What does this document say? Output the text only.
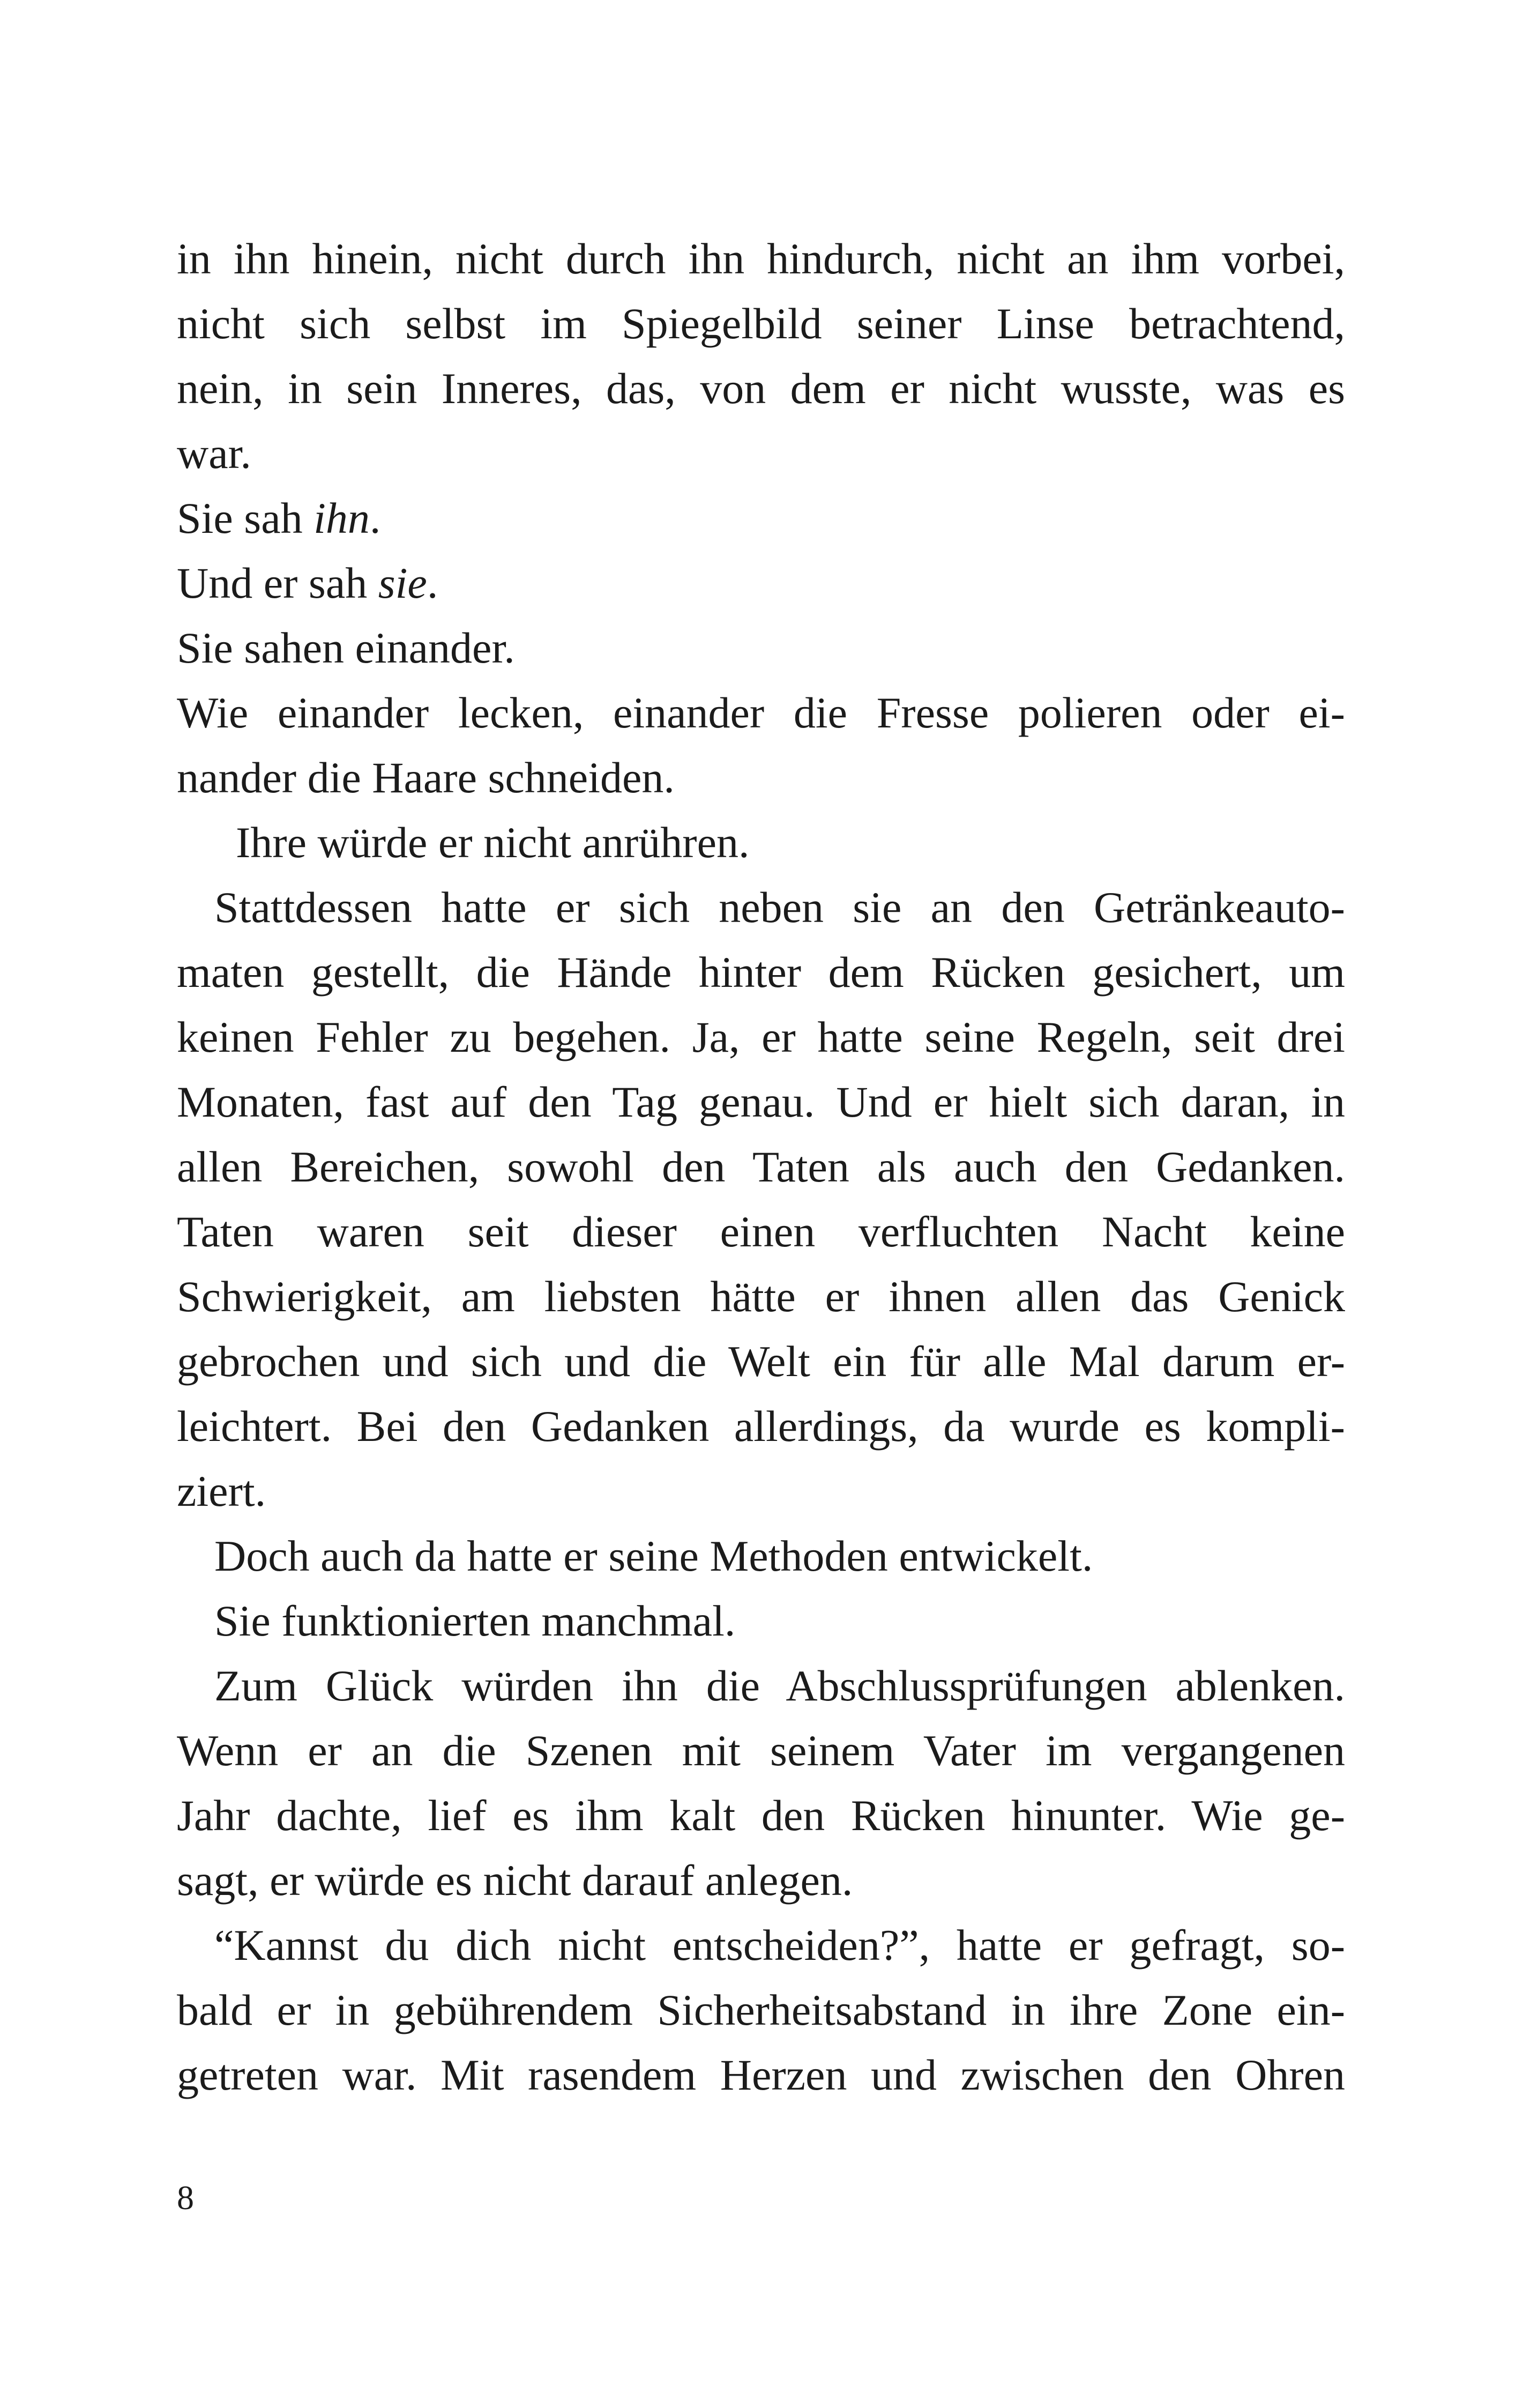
in ihn hinein, nicht durch ihn hindurch, nicht an ihm vorbei,
nicht sich selbst im Spiegelbild seiner Linse betrachtend,
nein, in sein Inneres, das, von dem er nicht wusste, was es
war.
Sie sah ihn.
Und er sah sie.
Sie sahen einander.
Wie einander lecken, einander die Fresse polieren oder ei-
nander die Haare schneiden.
Ihre würde er nicht anrühren.
Stattdessen hatte er sich neben sie an den Getränkeauto-
maten gestellt, die Hände hinter dem Rücken gesichert, um
keinen Fehler zu begehen. Ja, er hatte seine Regeln, seit drei
Monaten, fast auf den Tag genau. Und er hielt sich daran, in
allen Bereichen, sowohl den Taten als auch den Gedanken.
Taten waren seit dieser einen verfluchten Nacht keine
Schwierigkeit, am liebsten hätte er ihnen allen das Genick
gebrochen und sich und die Welt ein für alle Mal darum er-
leichtert. Bei den Gedanken allerdings, da wurde es kompli-
ziert.
Doch auch da hatte er seine Methoden entwickelt.
Sie funktionierten manchmal.
Zum Glück würden ihn die Abschlussprüfungen ablenken.
Wenn er an die Szenen mit seinem Vater im vergangenen
Jahr dachte, lief es ihm kalt den Rücken hinunter. Wie ge-
sagt, er würde es nicht darauf anlegen.
“Kannst du dich nicht entscheiden?”, hatte er gefragt, so-
bald er in gebührendem Sicherheitsabstand in ihre Zone ein-
getreten war. Mit rasendem Herzen und zwischen den Ohren
8
